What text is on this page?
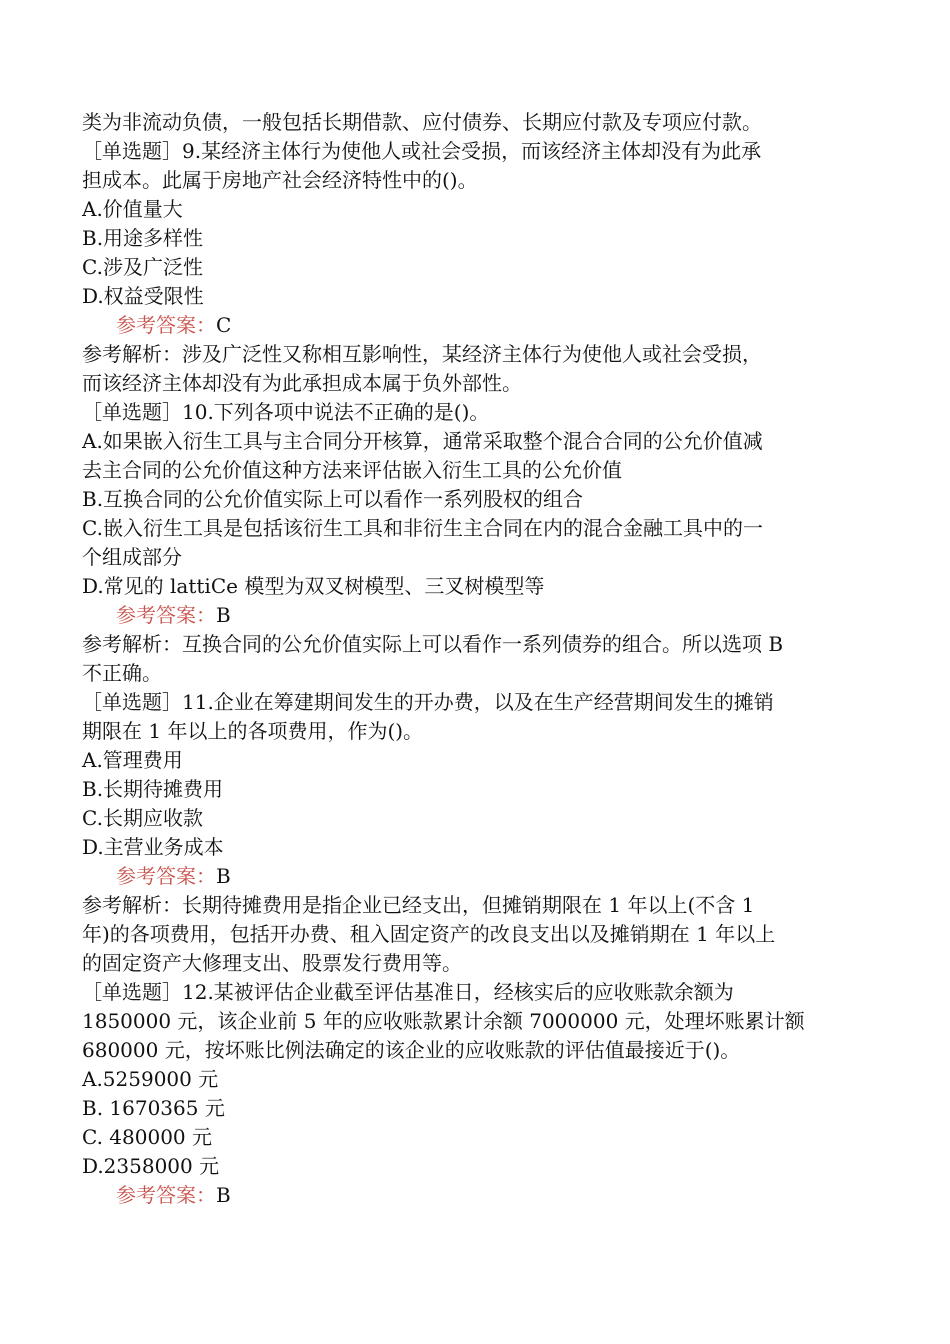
类为非流动负债，一般包括长期借款、应付债券、长期应付款及专项应付款。
［单选题］9.某经济主体行为使他人或社会受损，而该经济主体却没有为此承
担成本。此属于房地产社会经济特性中的()。
A.价值量大
B.用途多样性
C.涉及广泛性
D.权益受限性
参考答案：C
参考解析：涉及广泛性又称相互影响性，某经济主体行为使他人或社会受损，
而该经济主体却没有为此承担成本属于负外部性。
［单选题］10.下列各项中说法不正确的是()。
A.如果嵌入衍生工具与主合同分开核算，通常采取整个混合合同的公允价值减
去主合同的公允价值这种方法来评估嵌入衍生工具的公允价值
B.互换合同的公允价值实际上可以看作一系列股权的组合
C.嵌入衍生工具是包括该衍生工具和非衍生主合同在内的混合金融工具中的一
个组成部分
D.常见的 lattiCe 模型为双叉树模型、三叉树模型等
参考答案：B
参考解析：互换合同的公允价值实际上可以看作一系列债券的组合。所以选项 B
不正确。
［单选题］11.企业在筹建期间发生的开办费，以及在生产经营期间发生的摊销
期限在 1 年以上的各项费用，作为()。
A.管理费用
B.长期待摊费用
C.长期应收款
D.主营业务成本
参考答案：B
参考解析：长期待摊费用是指企业已经支出，但摊销期限在 1 年以上(不含 1
年)的各项费用，包括开办费、租入固定资产的改良支出以及摊销期在 1 年以上
的固定资产大修理支出、股票发行费用等。
［单选题］12.某被评估企业截至评估基准日，经核实后的应收账款余额为
1850000 元，该企业前 5 年的应收账款累计余额 7000000 元，处理坏账累计额
680000 元，按坏账比例法确定的该企业的应收账款的评估值最接近于()。
A.5259000 元
B. 1670365 元
C. 480000 元
D.2358000 元
参考答案：B
